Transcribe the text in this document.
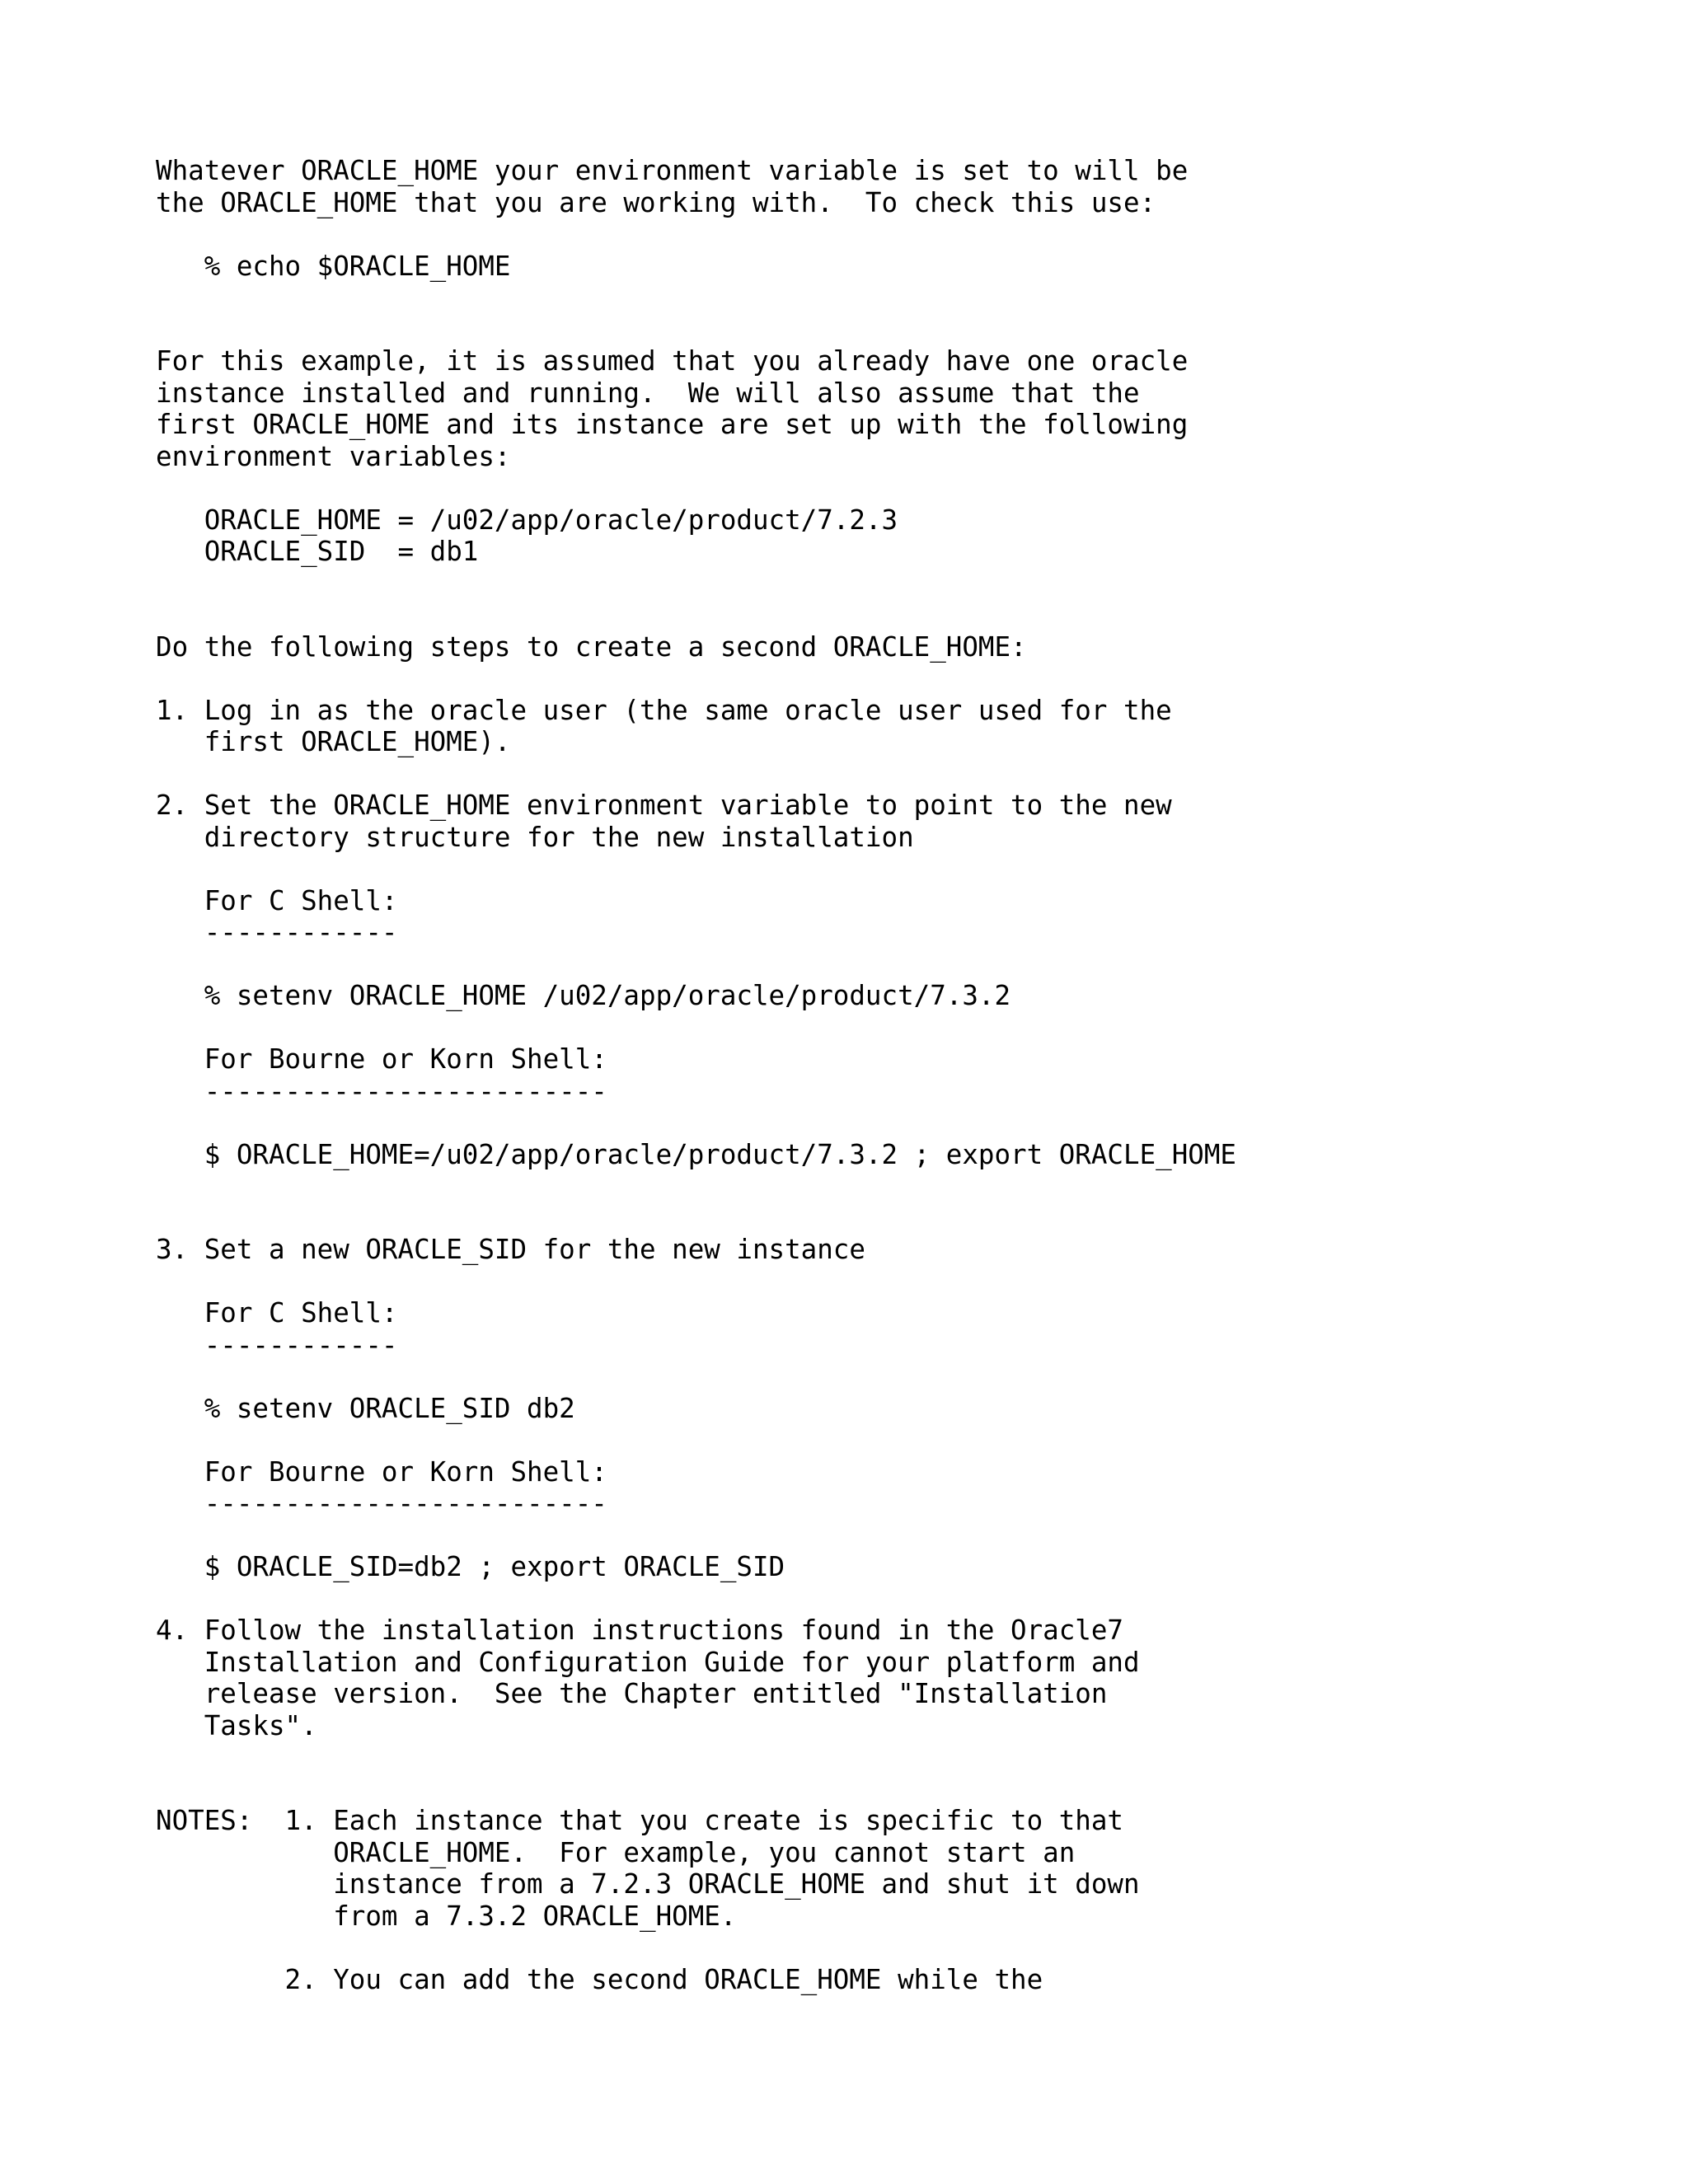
Whatever ORACLE_HOME your environment variable is set to will be
the ORACLE_HOME that you are working with.  To check this use:
% echo $ORACLE_HOME
For this example, it is assumed that you already have one oracle
instance installed and running.  We will also assume that the
first ORACLE_HOME and its instance are set up with the following
environment variables:
ORACLE_HOME = /u02/app/oracle/product/7.2.3
ORACLE_SID  = db1
Do the following steps to create a second ORACLE_HOME:
1. Log in as the oracle user (the same oracle user used for the
first ORACLE_HOME).
2. Set the ORACLE_HOME environment variable to point to the new
directory structure for the new installation
For C Shell:
------------
% setenv ORACLE_HOME /u02/app/oracle/product/7.3.2
For Bourne or Korn Shell:
-------------------------
$ ORACLE_HOME=/u02/app/oracle/product/7.3.2 ; export ORACLE_HOME
3. Set a new ORACLE_SID for the new instance
For C Shell:
------------
% setenv ORACLE_SID db2
For Bourne or Korn Shell:
-------------------------
$ ORACLE_SID=db2 ; export ORACLE_SID
4. Follow the installation instructions found in the Oracle7
Installation and Configuration Guide for your platform and
release version.  See the Chapter entitled "Installation
Tasks".
NOTES:  1. Each instance that you create is specific to that
ORACLE_HOME.  For example, you cannot start an
instance from a 7.2.3 ORACLE_HOME and shut it down
from a 7.3.2 ORACLE_HOME.
2. You can add the second ORACLE_HOME while the
